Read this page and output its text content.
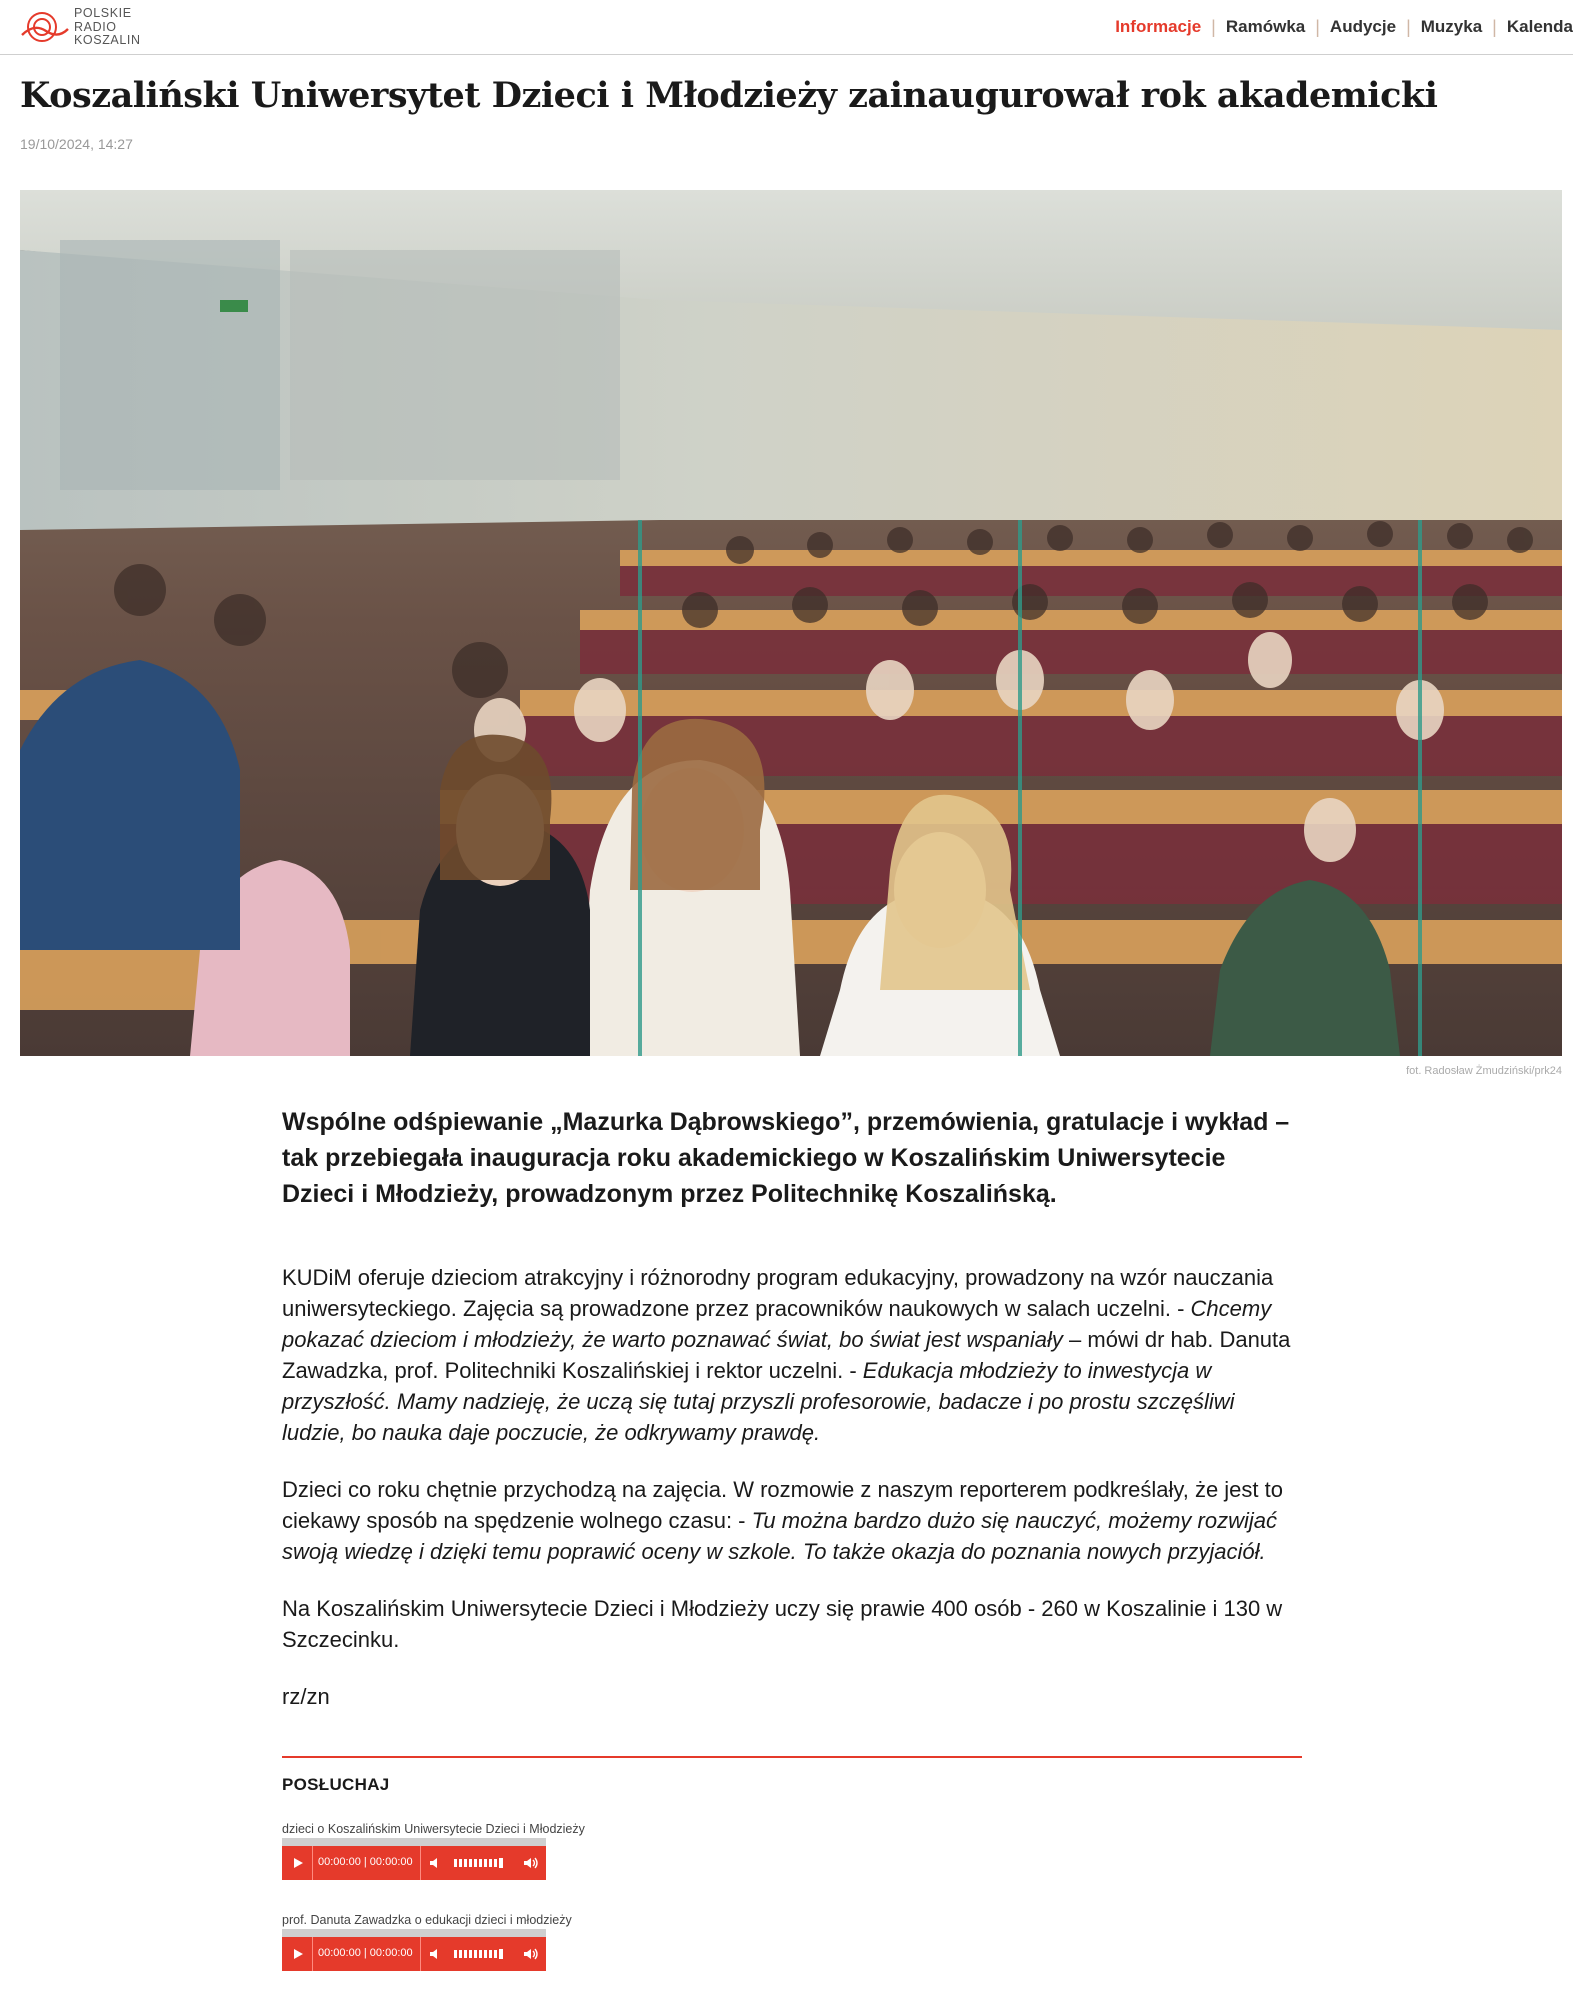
POLSKIE
RADIO
KOSZALIN
Informacje | Ramówka | Audycje | Muzyka | Kalenda
Koszaliński Uniwersytet Dzieci i Młodzieży zainaugurował rok akademicki
19/10/2024, 14:27
fot. Radosław Żmudziński/prk24

Wspólne odśpiewanie „Mazurka Dąbrowskiego”, przemówienia, gratulacje i wykład – tak przebiegała inauguracja roku akademickiego w Koszalińskim Uniwersytecie Dzieci i Młodzieży, prowadzonym przez Politechnikę Koszalińską.

KUDiM oferuje dzieciom atrakcyjny i różnorodny program edukacyjny, prowadzony na wzór nauczania uniwersyteckiego. Zajęcia są prowadzone przez pracowników naukowych w salach uczelni. - Chcemy pokazać dzieciom i młodzieży, że warto poznawać świat, bo świat jest wspaniały – mówi dr hab. Danuta Zawadzka, prof. Politechniki Koszalińskiej i rektor uczelni. - Edukacja młodzieży to inwestycja w przyszłość. Mamy nadzieję, że uczą się tutaj przyszli profesorowie, badacze i po prostu szczęśliwi ludzie, bo nauka daje poczucie, że odkrywamy prawdę.

Dzieci co roku chętnie przychodzą na zajęcia. W rozmowie z naszym reporterem podkreślały, że jest to ciekawy sposób na spędzenie wolnego czasu: - Tu można bardzo dużo się nauczyć, możemy rozwijać swoją wiedzę i dzięki temu poprawić oceny w szkole. To także okazja do poznania nowych przyjaciół.

Na Koszalińskim Uniwersytecie Dzieci i Młodzieży uczy się prawie 400 osób - 260 w Koszalinie i 130 w Szczecinku.

rz/zn

POSŁUCHAJ
dzieci o Koszalińskim Uniwersytecie Dzieci i Młodzieży
00:00:00 | 00:00:00
prof. Danuta Zawadzka o edukacji dzieci i młodzieży
00:00:00 | 00:00:00
